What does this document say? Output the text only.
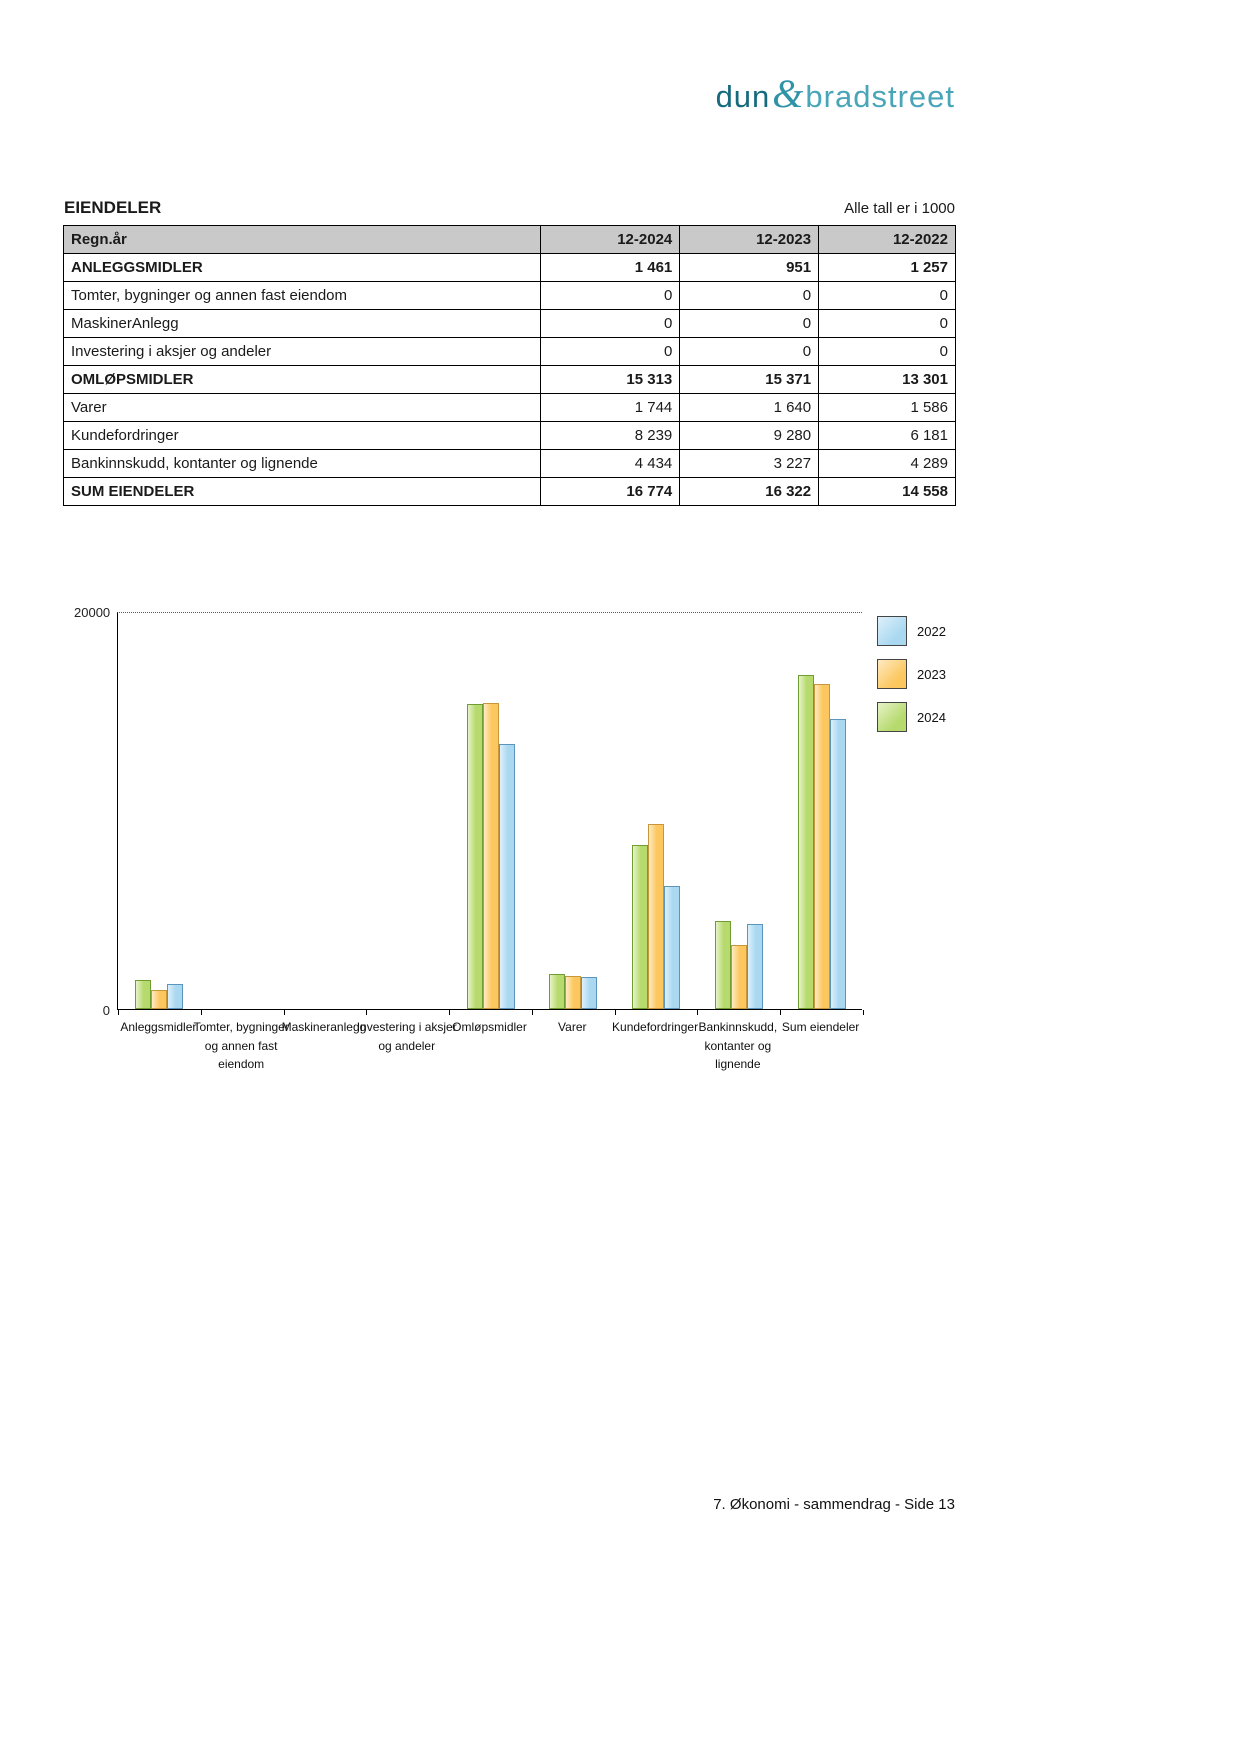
dun&bradstreet
EIENDELER	Alle tall er i 1000
Regn.år	12-2024	12-2023	12-2022
ANLEGGSMIDLER	1 461	951	1 257
Tomter, bygninger og annen fast eiendom	0	0	0
MaskinerAnlegg	0	0	0
Investering i aksjer og andeler	0	0	0
OMLØPSMIDLER	15 313	15 371	13 301
Varer	1 744	1 640	1 586
Kundefordringer	8 239	9 280	6 181
Bankinnskudd, kontanter og lignende	4 434	3 227	4 289
SUM EIENDELER	16 774	16 322	14 558
20000
0
Anleggsmidler
Tomter, bygninger og annen fast eiendom
Maskineranlegg
Investering i aksjer og andeler
Omløpsmidler	Varer	Kundefordringer Bankinnskudd, kontanter og lignende
Sum eiendeler
2022
2023
2024
7. Økonomi - sammendrag - Side 13
